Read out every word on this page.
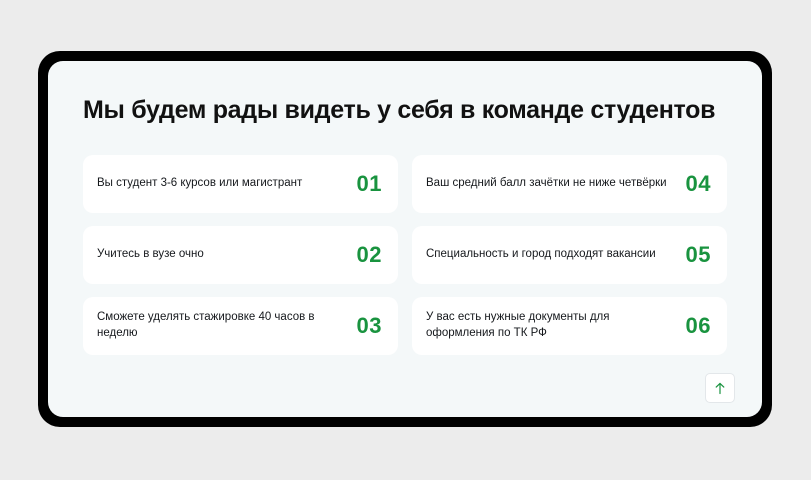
Мы будем рады видеть у себя в команде студентов
Вы студент 3-6 курсов или магистрант 01	Ваш средний балл зачётки не ниже четвёрки 04
Учитесь в вузе очно	02	Специальность и город подходят вакансии 05
Сможете уделять стажировке 40 часов в неделю	03	У вас есть нужные документы для оформления по ТК РФ	06
